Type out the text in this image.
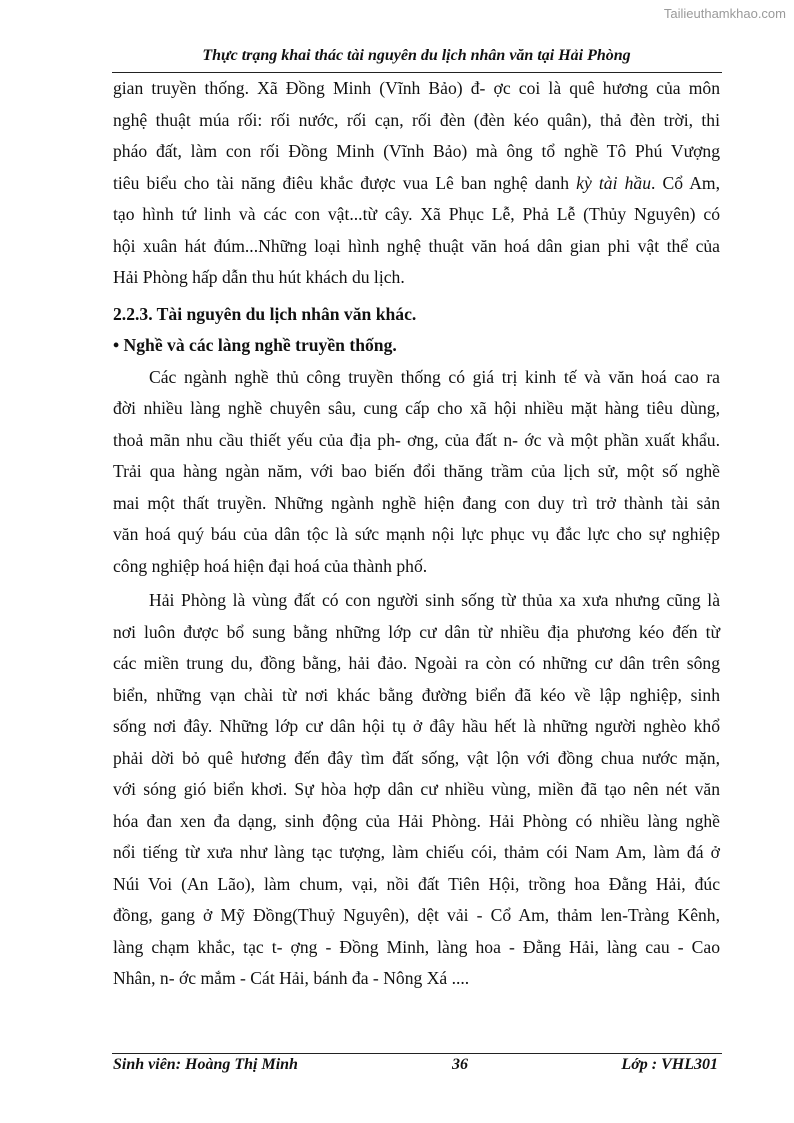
Tailieuthamkhao.com
Thực trạng khai thác tài nguyên du lịch nhân văn tại Hải Phòng
gian truyền thống. Xã Đồng Minh (Vĩnh Bảo) đ- ợc coi là quê hương của môn
nghệ thuật múa rối: rối nước, rối cạn, rối đèn (đèn kéo quân), thả đèn trời, thi
pháo đất, làm con rối Đồng Minh (Vĩnh Bảo) mà ông tổ nghề Tô Phú Vượng
tiêu biểu cho tài năng điêu khắc được vua Lê ban nghệ danh kỳ tài hầu. Cổ Am,
tạo hình tứ linh và các con vật...từ cây. Xã Phục Lễ, Phả Lễ (Thủy Nguyên) có
hội xuân hát đúm...Những loại hình nghệ thuật văn hoá dân gian phi vật thể của
Hải Phòng hấp dẫn thu hút khách du lịch.
2.2.3. Tài nguyên du lịch nhân văn khác.
• Nghề và các làng nghề truyền thống.
Các ngành nghề thủ công truyền thống có giá trị kinh tế và văn hoá cao ra
đời nhiều làng nghề chuyên sâu, cung cấp cho xã hội nhiều mặt hàng tiêu dùng,
thoả mãn nhu cầu thiết yếu của địa ph- ơng, của đất n- ớc và một phần xuất khẩu.
Trải qua hàng ngàn năm, với bao biến đổi thăng trầm của lịch sử, một số nghề
mai một thất truyền. Những ngành nghề hiện đang con duy trì trở thành tài sản
văn hoá quý báu của dân tộc là sức mạnh nội lực phục vụ đắc lực cho sự nghiệp
công nghiệp hoá hiện đại hoá của thành phố.
Hải Phòng là vùng đất có con người sinh sống từ thủa xa xưa nhưng cũng là
nơi luôn được bổ sung bằng những lớp cư dân từ nhiều địa phương kéo đến từ
các miền trung du, đồng bằng, hải đảo. Ngoài ra còn có những cư dân trên sông
biển, những vạn chài từ nơi khác bằng đường biển đã kéo về lập nghiệp, sinh
sống nơi đây. Những lớp cư dân hội tụ ở đây hầu hết là những người nghèo khổ
phải dời bỏ quê hương đến đây tìm đất sống, vật lộn với đồng chua nước mặn,
với sóng gió biển khơi. Sự hòa hợp dân cư nhiều vùng, miền đã tạo nên nét văn
hóa đan xen đa dạng, sinh động của Hải Phòng. Hải Phòng có nhiều làng nghề
nổi tiếng từ xưa như làng tạc tượng, làm chiếu cói, thảm cói Nam Am, làm đá ở
Núi Voi (An Lão), làm chum, vại, nồi đất Tiên Hội, trồng hoa Đằng Hải, đúc
đồng, gang ở Mỹ Đồng(Thuỷ Nguyên), dệt vải - Cổ Am, thảm len-Tràng Kênh,
làng chạm khắc, tạc t- ợng - Đồng Minh, làng hoa - Đằng Hải, làng cau - Cao
Nhân, n- ớc mắm - Cát Hải, bánh đa - Nông Xá ....
Sinh viên: Hoàng Thị Minh	36	Lớp : VHL301
